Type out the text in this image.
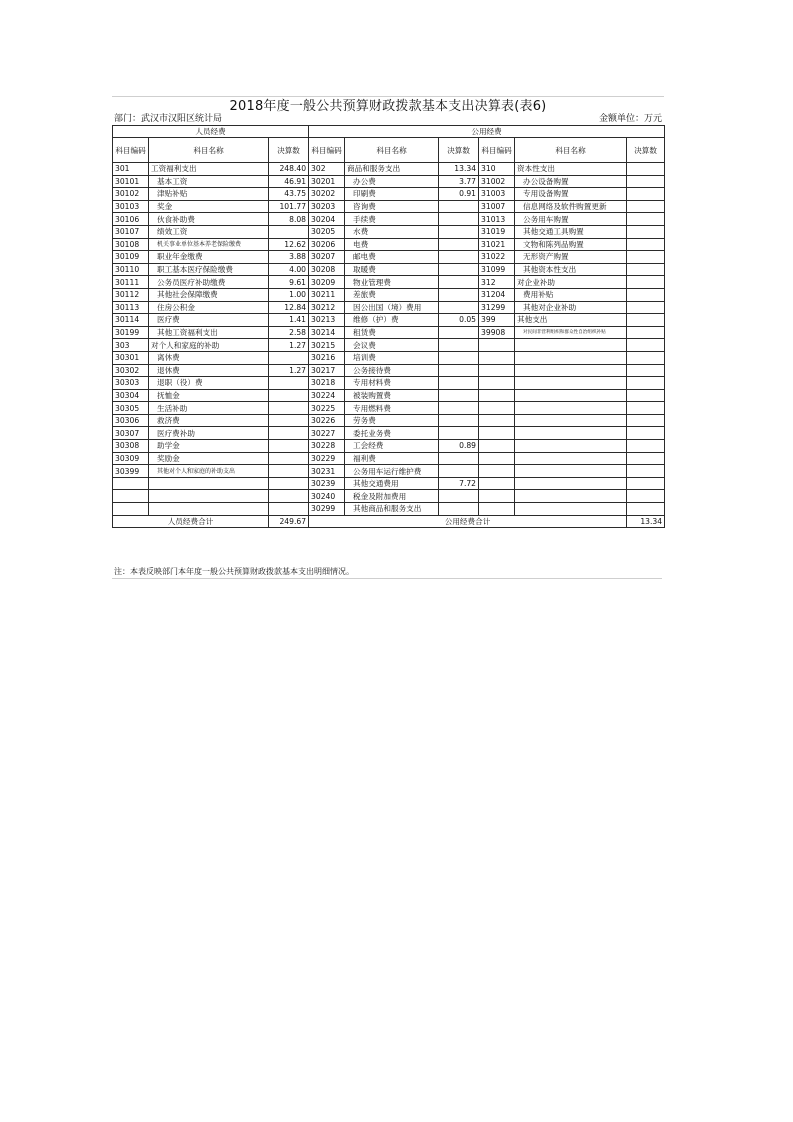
2018年度一般公共预算财政拨款基本支出决算表(表6)
部门：武汉市汉阳区统计局	金额单位：万元
人员经费			公用经费					
科目编码	科目名称	决算数	科目编码	科目名称	决算数	科目编码	科目名称	决算数
301	工资福利支出	248.40	302	商品和服务支出	13.34	310	资本性支出	
30101	基本工资	46.91	30201	办公费	3.77	31002	办公设备购置	
30102	津贴补贴	43.75	30202	印刷费	0.91	31003	专用设备购置	
30103	奖金	101.77	30203	咨询费		31007	信息网络及软件购置更新	
30106	伙食补助费	8.08	30204	手续费		31013	公务用车购置	
30107	绩效工资		30205	水费		31019	其他交通工具购置	
30108	机关事业单位基本养老保险缴费	12.62	30206	电费		31021	文物和陈列品购置	
30109	职业年金缴费	3.88	30207	邮电费		31022	无形资产购置	
30110	职工基本医疗保险缴费	4.00	30208	取暖费		31099	其他资本性支出	
30111	公务员医疗补助缴费	9.61	30209	物业管理费		312	对企业补助	
30112	其他社会保障缴费	1.00	30211	差旅费		31204	费用补贴	
30113	住房公积金	12.84	30212	因公出国（境）费用		31299	其他对企业补助	
30114	医疗费	1.41	30213	维修（护）费	0.05	399	其他支出	
30199	其他工资福利支出	2.58	30214	租赁费		39908	对民间非营利组织和群众性自治组织补贴	
303	对个人和家庭的补助	1.27	30215	会议费				
30301	离休费		30216	培训费				
30302	退休费	1.27	30217	公务接待费				
30303	退职（役）费		30218	专用材料费				
30304	抚恤金		30224	被装购置费				
30305	生活补助		30225	专用燃料费				
30306	救济费		30226	劳务费				
30307	医疗费补助		30227	委托业务费				
30308	助学金		30228	工会经费	0.89			
30309	奖励金		30229	福利费				
30399	其他对个人和家庭的补助支出		30231	公务用车运行维护费				
			30239	其他交通费用	7.72			
			30240	税金及附加费用				
			30299	其他商品和服务支出				
人员经费合计		249.67	公用经费合计					13.34
注：本表反映部门本年度一般公共预算财政拨款基本支出明细情况。
